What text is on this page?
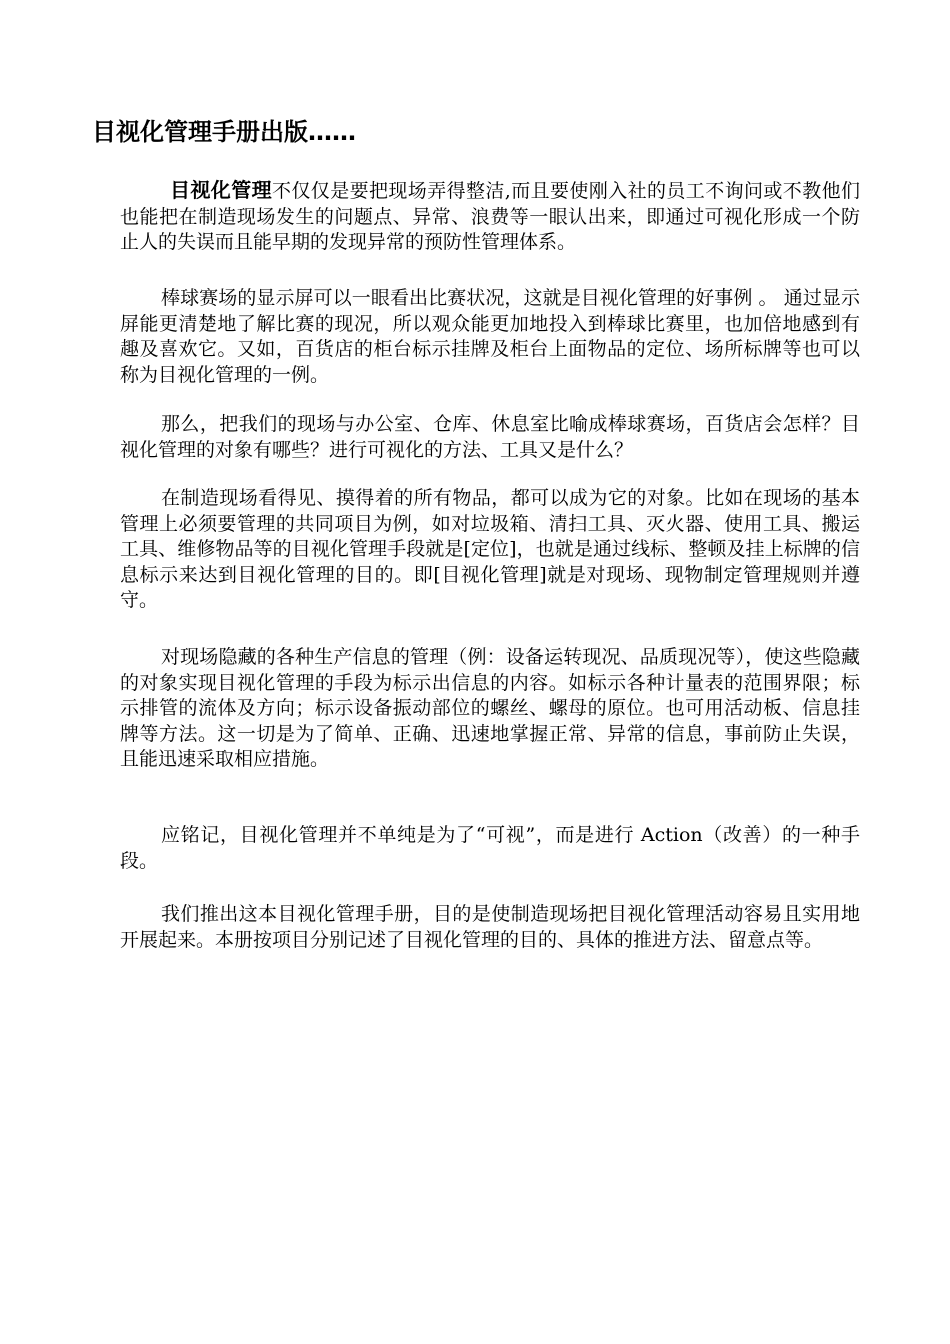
目视化管理手册出版……

目视化管理不仅仅是要把现场弄得整洁,而且要使刚入社的员工不询问或不教他们也能把在制造现场发生的问题点、异常、浪费等一眼认出来，即通过可视化形成一个防止人的失误而且能早期的发现异常的预防性管理体系。

棒球赛场的显示屏可以一眼看出比赛状况，这就是目视化管理的好事例 。 通过显示屏能更清楚地了解比赛的现况，所以观众能更加地投入到棒球比赛里，也加倍地感到有趣及喜欢它。又如，百货店的柜台标示挂牌及柜台上面物品的定位、场所标牌等也可以称为目视化管理的一例。

那么，把我们的现场与办公室、仓库、休息室比喻成棒球赛场，百货店会怎样？目视化管理的对象有哪些？进行可视化的方法、工具又是什么？

在制造现场看得见、摸得着的所有物品，都可以成为它的对象。比如在现场的基本管理上必须要管理的共同项目为例，如对垃圾箱、清扫工具、灭火器、使用工具、搬运工具、维修物品等的目视化管理手段就是[定位]，也就是通过线标、整顿及挂上标牌的信息标示来达到目视化管理的目的。即[目视化管理]就是对现场、现物制定管理规则并遵守。

对现场隐藏的各种生产信息的管理（例：设备运转现况、品质现况等），使这些隐藏的对象实现目视化管理的手段为标示出信息的内容。如标示各种计量表的范围界限；标示排管的流体及方向；标示设备振动部位的螺丝、螺母的原位。也可用活动板、信息挂牌等方法。这一切是为了简单、正确、迅速地掌握正常、异常的信息，事前防止失误，且能迅速采取相应措施。

应铭记，目视化管理并不单纯是为了“可视”，而是进行 Action（改善）的一种手段。

我们推出这本目视化管理手册，目的是使制造现场把目视化管理活动容易且实用地开展起来。本册按项目分别记述了目视化管理的目的、具体的推进方法、留意点等。
